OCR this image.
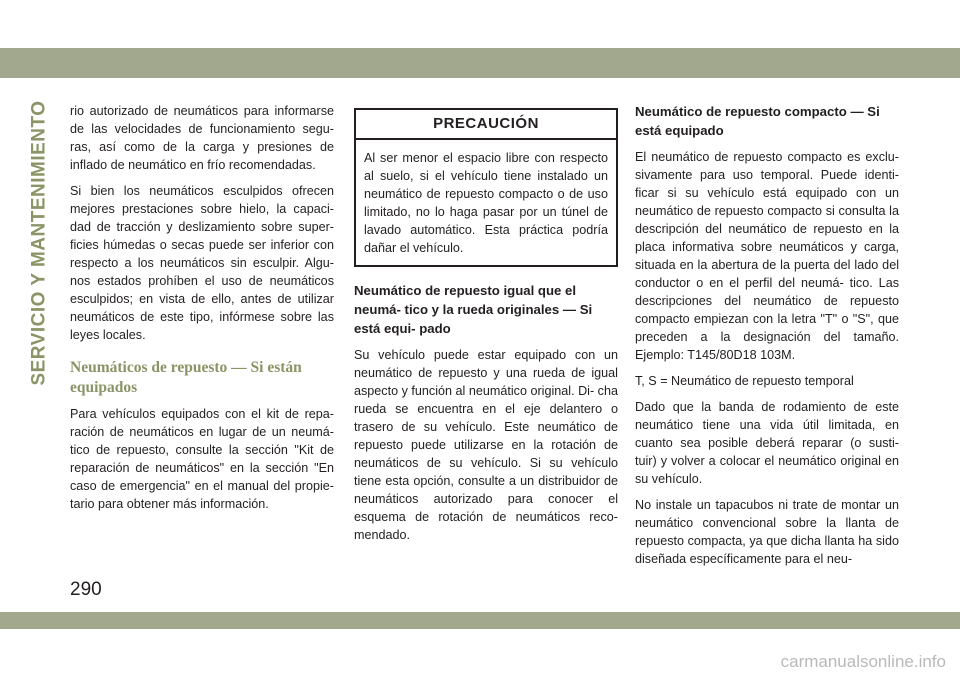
SERVICIO Y MANTENIMIENTO rio autorizado de neumáticos para informarse de las velocidades de funcionamiento segu- ras, así como de la carga y presiones de inflado de neumático en frío recomendadas.

Si bien los neumáticos esculpidos ofrecen mejores prestaciones sobre hielo, la capaci- dad de tracción y deslizamiento sobre super- ficies húmedas o secas puede ser inferior con respecto a los neumáticos sin esculpir. Algu- nos estados prohíben el uso de neumáticos esculpidos; en vista de ello, antes de utilizar neumáticos de este tipo, infórmese sobre las leyes locales.

Neumáticos de repuesto — Si están equipados

Para vehículos equipados con el kit de repa- ración de neumáticos en lugar de un neumá- tico de repuesto, consulte la sección "Kit de reparación de neumáticos" en la sección "En caso de emergencia" en el manual del propie- tario para obtener más información.

PRECAUCIÓN

Al ser menor el espacio libre con respecto al suelo, si el vehículo tiene instalado un neumático de repuesto compacto o de uso limitado, no lo haga pasar por un túnel de lavado automático. Esta práctica podría dañar el vehículo.

Neumático de repuesto igual que el neumá- tico y la rueda originales — Si está equi- pado

Su vehículo puede estar equipado con un neumático de repuesto y una rueda de igual aspecto y función al neumático original. Di- cha rueda se encuentra en el eje delantero o trasero de su vehículo. Este neumático de repuesto puede utilizarse en la rotación de neumáticos de su vehículo. Si su vehículo tiene esta opción, consulte a un distribuidor de neumáticos autorizado para conocer el esquema de rotación de neumáticos reco- mendado.

Neumático de repuesto compacto — Si está equipado

El neumático de repuesto compacto es exclu- sivamente para uso temporal. Puede identi- ficar si su vehículo está equipado con un neumático de repuesto compacto si consulta la descripción del neumático de repuesto en la placa informativa sobre neumáticos y carga, situada en la abertura de la puerta del lado del conductor o en el perfil del neumá- tico. Las descripciones del neumático de repuesto compacto empiezan con la letra "T" o "S", que preceden a la designación del tamaño. Ejemplo: T145/80D18 103M.

T, S = Neumático de repuesto temporal

Dado que la banda de rodamiento de este neumático tiene una vida útil limitada, en cuanto sea posible deberá reparar (o susti- tuir) y volver a colocar el neumático original en su vehículo.

No instale un tapacubos ni trate de montar un neumático convencional sobre la llanta de repuesto compacta, ya que dicha llanta ha sido diseñada específicamente para el neu-

290
carmanualsonline.info
